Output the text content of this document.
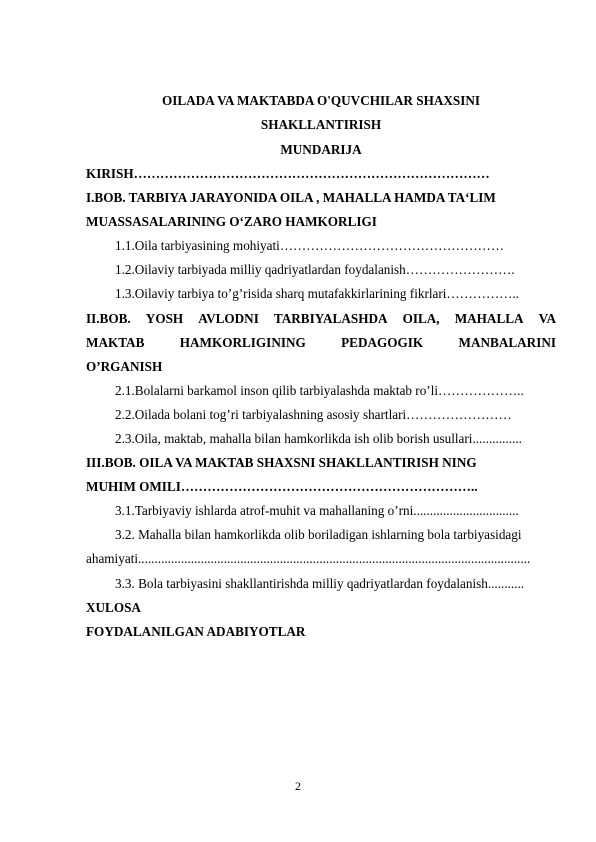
OILADA VA MAKTABDA O'QUVCHILAR SHAXSINI
SHAKLLANTIRISH
MUNDARIJA
KIRISH………………………………………………………………………
I.BOB. TARBIYA JARAYONIDA OILA , MAHALLA HAMDA TA‘LIM
MUASSASALARINING O‘ZARO HAMKORLIGI
1.1.Oila tarbiyasining mohiyati……………………………………………
1.2.Oilaviy tarbiyada milliy qadriyatlardan foydalanish…………………….
1.3.Oilaviy tarbiya to’g’risida sharq mutafakkirlarining fikrlari……………..
II.BOB. YOSH AVLODNI TARBIYALASHDA OILA, MAHALLA VA
MAKTAB	HAMKORLIGINING	PEDAGOGIK	MANBALARINI
O’RGANISH
2.1.Bolalarni barkamol inson qilib tarbiyalashda maktab ro’li………………..
2.2.Oilada bolani tog’ri tarbiyalashning asosiy shartlari……………………
2.3.Oila, maktab, mahalla bilan hamkorlikda ish olib borish usullari...............
III.BOB. OILA VA MAKTAB SHAXSNI SHAKLLANTIRISH NING
MUHIM OMILI…………………………………………………………..
3.1.Tarbiyaviy ishlarda atrof-muhit va mahallaning o’rni................................
3.2. Mahalla bilan hamkorlikda olib boriladigan ishlarning bola tarbiyasidagi
ahamiyati.......................................................................................................................
3.3. Bola tarbiyasini shakllantirishda milliy qadriyatlardan foydalanish...........
XULOSA
FOYDALANILGAN ADABIYOTLAR
2
